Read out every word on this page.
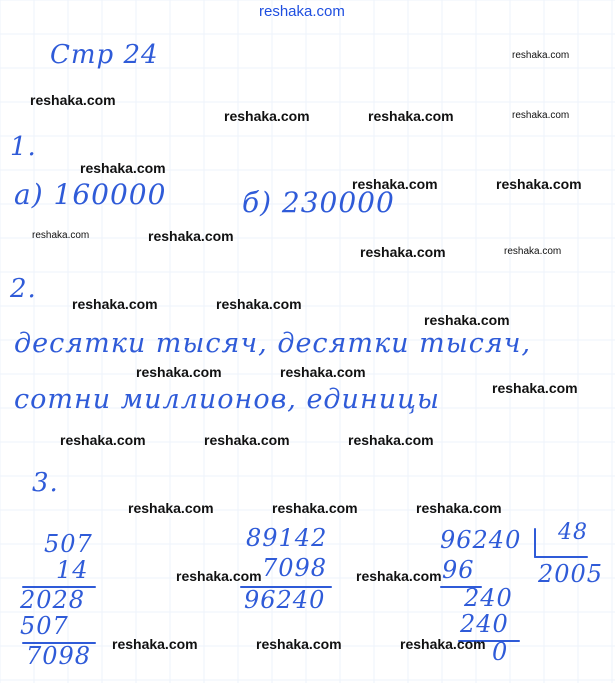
reshaka.com
Стр 24
1.
а) 160000	б) 230000
2.
десятки тысяч, десятки тысяч,
сотни миллионов, единицы
3.
507
14
2028
507
7098
89142
7098
96240
96240 48
2005
96
240
240
0
reshaka.com
reshaka.com
reshaka.com	reshaka.com	reshaka.com
reshaka.com
reshaka.com	reshaka.com
reshaka.com	reshaka.com
reshaka.com	reshaka.com
reshaka.com	reshaka.com
reshaka.com
reshaka.com	reshaka.com
reshaka.com
reshaka.com	reshaka.com	reshaka.com
reshaka.com	reshaka.com	reshaka.com
reshaka.com	reshaka.com
reshaka.com	reshaka.com	reshaka.com
